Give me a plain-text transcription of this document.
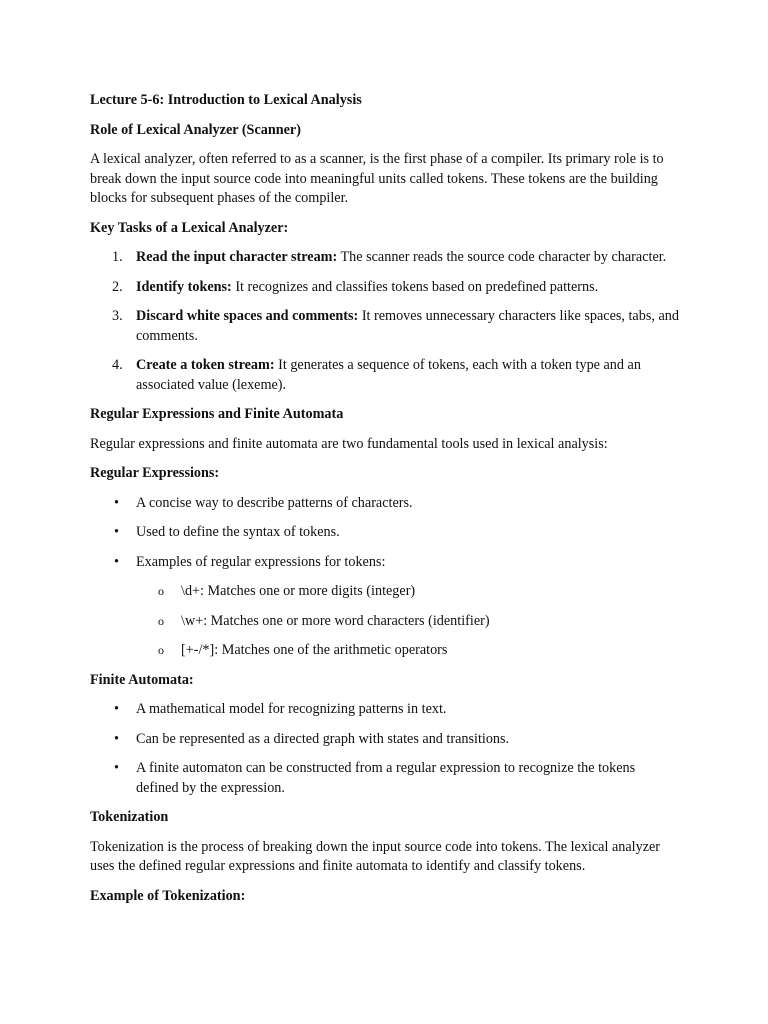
Lecture 5-6: Introduction to Lexical Analysis
Role of Lexical Analyzer (Scanner)
A lexical analyzer, often referred to as a scanner, is the first phase of a compiler. Its primary role is to break down the input source code into meaningful units called tokens. These tokens are the building blocks for subsequent phases of the compiler.
Key Tasks of a Lexical Analyzer:
1. Read the input character stream: The scanner reads the source code character by character.
2. Identify tokens: It recognizes and classifies tokens based on predefined patterns.
3. Discard white spaces and comments: It removes unnecessary characters like spaces, tabs, and comments.
4. Create a token stream: It generates a sequence of tokens, each with a token type and an associated value (lexeme).
Regular Expressions and Finite Automata
Regular expressions and finite automata are two fundamental tools used in lexical analysis:
Regular Expressions:
• A concise way to describe patterns of characters.
• Used to define the syntax of tokens.
• Examples of regular expressions for tokens:
o \d+: Matches one or more digits (integer)
o \w+: Matches one or more word characters (identifier)
o [+-/*]: Matches one of the arithmetic operators
Finite Automata:
• A mathematical model for recognizing patterns in text.
• Can be represented as a directed graph with states and transitions.
• A finite automaton can be constructed from a regular expression to recognize the tokens defined by the expression.
Tokenization
Tokenization is the process of breaking down the input source code into tokens. The lexical analyzer uses the defined regular expressions and finite automata to identify and classify tokens.
Example of Tokenization:
